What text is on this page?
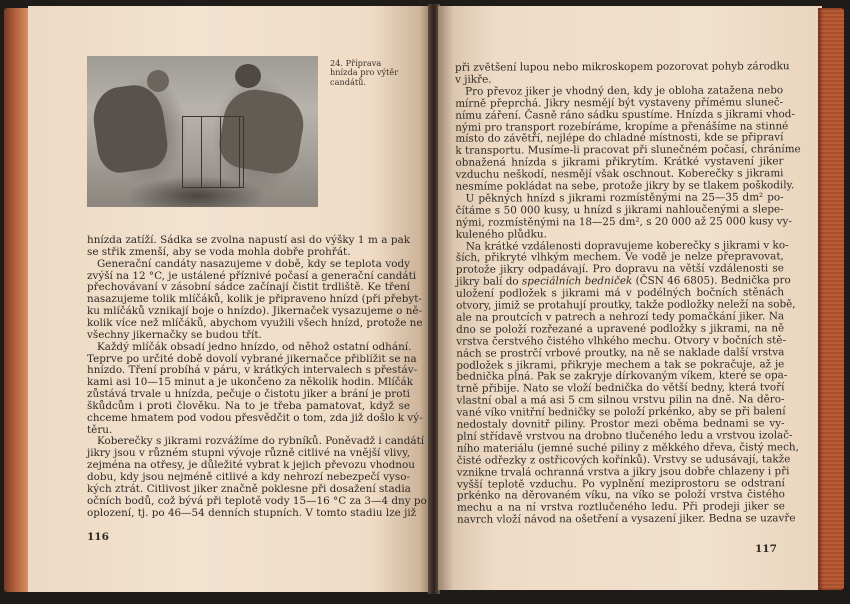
24. Příprava hnízda pro výtěr candátů.
hnízda zatíží. Sádka se zvolna napustí asi do výšky 1 m a pak
se střik zmenší, aby se voda mohla dobře prohřát.
Generační candáty nasazujeme v době, kdy se teplota vody
zvýší na 12 °C, je ustálené příznivé počasí a generační candáti
přechovávaní v zásobní sádce začínají čistit trdliště. Ke tření
nasazujeme tolik mlíčáků, kolik je připraveno hnízd (při přebyt-
ku mlíčáků vznikají boje o hnízdo). Jikernaček vysazujeme o ně-
kolik více než mlíčáků, abychom využili všech hnízd, protože ne
všechny jikernačky se budou třít.
Každý mlíčák obsadí jedno hnízdo, od něhož ostatní odhání.
Teprve po určité době dovolí vybrané jikernačce přiblížit se na
hnízdo. Tření probíhá v páru, v krátkých intervalech s přestáv-
kami asi 10—15 minut a je ukončeno za několik hodin. Mlíčák
zůstává trvale u hnízda, pečuje o čistotu jiker a brání je proti
škůdcům i proti člověku. Na to je třeba pamatovat, když se
chceme hmatem pod vodou přesvědčit o tom, zda již došlo k vý-
těru.
Koberečky s jikrami rozvážíme do rybníků. Poněvadž i candátí
jikry jsou v různém stupni vývoje různě citlivé na vnější vlivy,
zejména na otřesy, je důležité vybrat k jejich převozu vhodnou
dobu, kdy jsou nejméně citlivé a kdy nehrozí nebezpečí vyso-
kých ztrát. Citlivost jiker značně poklesne při dosažení stadia
očních bodů, což bývá při teplotě vody 15—16 °C za 3—4 dny po
oplození, tj. po 46—54 denních stupních. V tomto stadiu lze již
při zvětšení lupou nebo mikroskopem pozorovat pohyb zárodku
v jikře.
Pro převoz jiker je vhodný den, kdy je obloha zatažena nebo
mírně přeprchá. Jikry nesmějí být vystaveny přímému sluneč-
nímu záření. Časně ráno sádku spustíme. Hnízda s jikrami vhod-
nými pro transport rozebíráme, kropíme a přenášíme na stinné
místo do závětří, nejlépe do chladné místnosti, kde se připraví
k transportu. Musíme-li pracovat při slunečném počasí, chráníme
obnažená hnízda s jikrami přikrytím. Krátké vystavení jiker
vzduchu neškodí, nesmějí však oschnout. Koberečky s jikrami
nesmíme pokládat na sebe, protože jikry by se tlakem poškodily.
U pěkných hnízd s jikrami rozmístěnými na 25—35 dm² po-
čítáme s 50 000 kusy, u hnízd s jikrami nahloučenými a slepe-
nými, rozmístěnými na 18—25 dm², s 20 000 až 25 000 kusy vy-
kuleného plůdku.
Na krátké vzdálenosti dopravujeme koberečky s jikrami v ko-
ších, přikryté vlhkým mechem. Ve vodě je nelze přepravovat,
protože jikry odpadávají. Pro dopravu na větší vzdálenosti se
jikry balí do speciálních bedniček (ČSN 46 6805). Bednička pro
uložení podložek s jikrami má v podélných bočních stěnách
otvory, jimiž se protahují proutky, takže podložky neleží na sobě,
ale na proutcích v patrech a nehrozí tedy pomačkání jiker. Na
dno se položí rozřezané a upravené podložky s jikrami, na ně
vrstva čerstvého čistého vlhkého mechu. Otvory v bočních stě-
nách se prostrčí vrbové proutky, na ně se naklade další vrstva
podložek s jikrami, přikryje mechem a tak se pokračuje, až je
bednička plná. Pak se zakryje dírkovaným víkem, které se opa-
trně přibije. Nato se vloží bednička do větší bedny, která tvoří
vlastní obal a má asi 5 cm silnou vrstvu pilin na dně. Na děro-
vané víko vnitřní bedničky se položí prkénko, aby se při balení
nedostaly dovnitř piliny. Prostor mezi oběma bednami se vy-
plní střídavě vrstvou na drobno tlučeného ledu a vrstvou izolač-
ního materiálu (jemné suché piliny z měkkého dřeva, čistý mech,
čisté odřezky z ostřicových kořínků). Vrstvy se udusávají, takže
vznikne trvalá ochranná vrstva a jikry jsou dobře chlazeny i při
vyšší teplotě vzduchu. Po vyplnění meziprostoru se odstraní
prkénko na děrovaném víku, na víko se položí vrstva čistého
mechu a na ní vrstva roztlučeného ledu. Při prodeji jiker se
navrch vloží návod na ošetření a vysazení jiker. Bedna se uzavře
116
117
